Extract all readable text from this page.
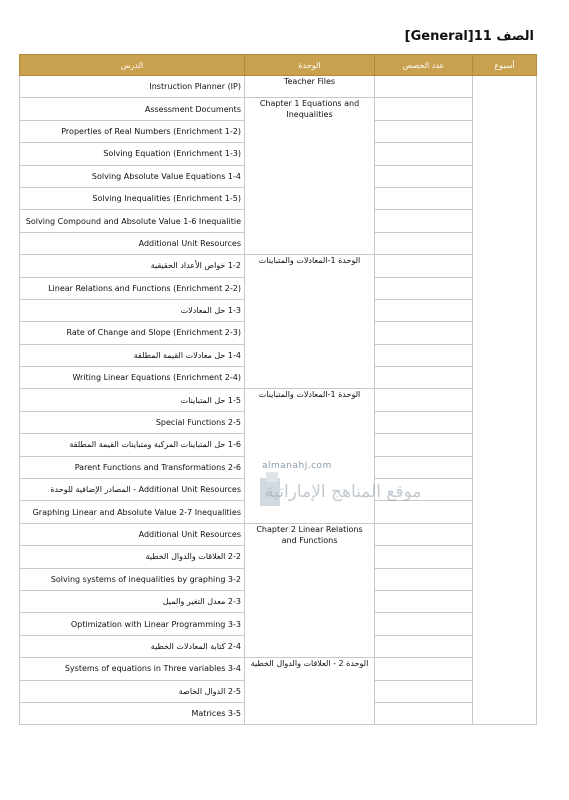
الصف 11[General]
أسبوع	عدد الحصص	الوحدة	الدرس
		Teacher Files	(Instruction Planner (IP

		Chapter 1 Equations and Inequalities	Assessment Documents

			(Properties of Real Numbers (Enrichment 1-2

			(Solving Equation (Enrichment 1-3

			Solving Absolute Value Equations 1-4

			(Solving Inequalities (Enrichment 1-5

			Solving Compound and Absolute Value 1-6 Inequalitie

			Additional Unit Resources

		الوحدة 1-المعادلات والمتباينات	1-2 خواص الأعداد الحقيقية

			(Linear Relations and Functions (Enrichment 2-2

			1-3 حل المعادلات

			(Rate of Change and Slope (Enrichment 2-3

			1-4 حل معادلات القيمة المطلقة

			(Writing Linear Equations (Enrichment 2-4

		الوحدة 1-المعادلات والمتباينات	1-5 حل المتباينات

			Special Functions 2-5

			1-6 حل المتباينات المركبة ومتباينات القيمة المطلقة

			Parent Functions and Transformations 2-6

			Additional Unit Resources - المصادر الإضافية للوحدة

			Graphing Linear and Absolute Value 2-7 Inequalities

		Chapter 2 Linear Relations and Functions	Additional Unit Resources

			2-2 العلاقات والدوال الخطية

			Solving systems of inequalities by graphing 3-2

			2-3 معدل التغير والميل

			Optimization with Linear Programming 3-3

			2-4 كتابة المعادلات الخطية

		الوحدة 2 - العلاقات والدوال الخطية	Systems of equations in Three variables 3-4

			2-5 الدوال الخاصة

			Matrices 3-5
almanahj.com
موقع المناهج الإماراتية
